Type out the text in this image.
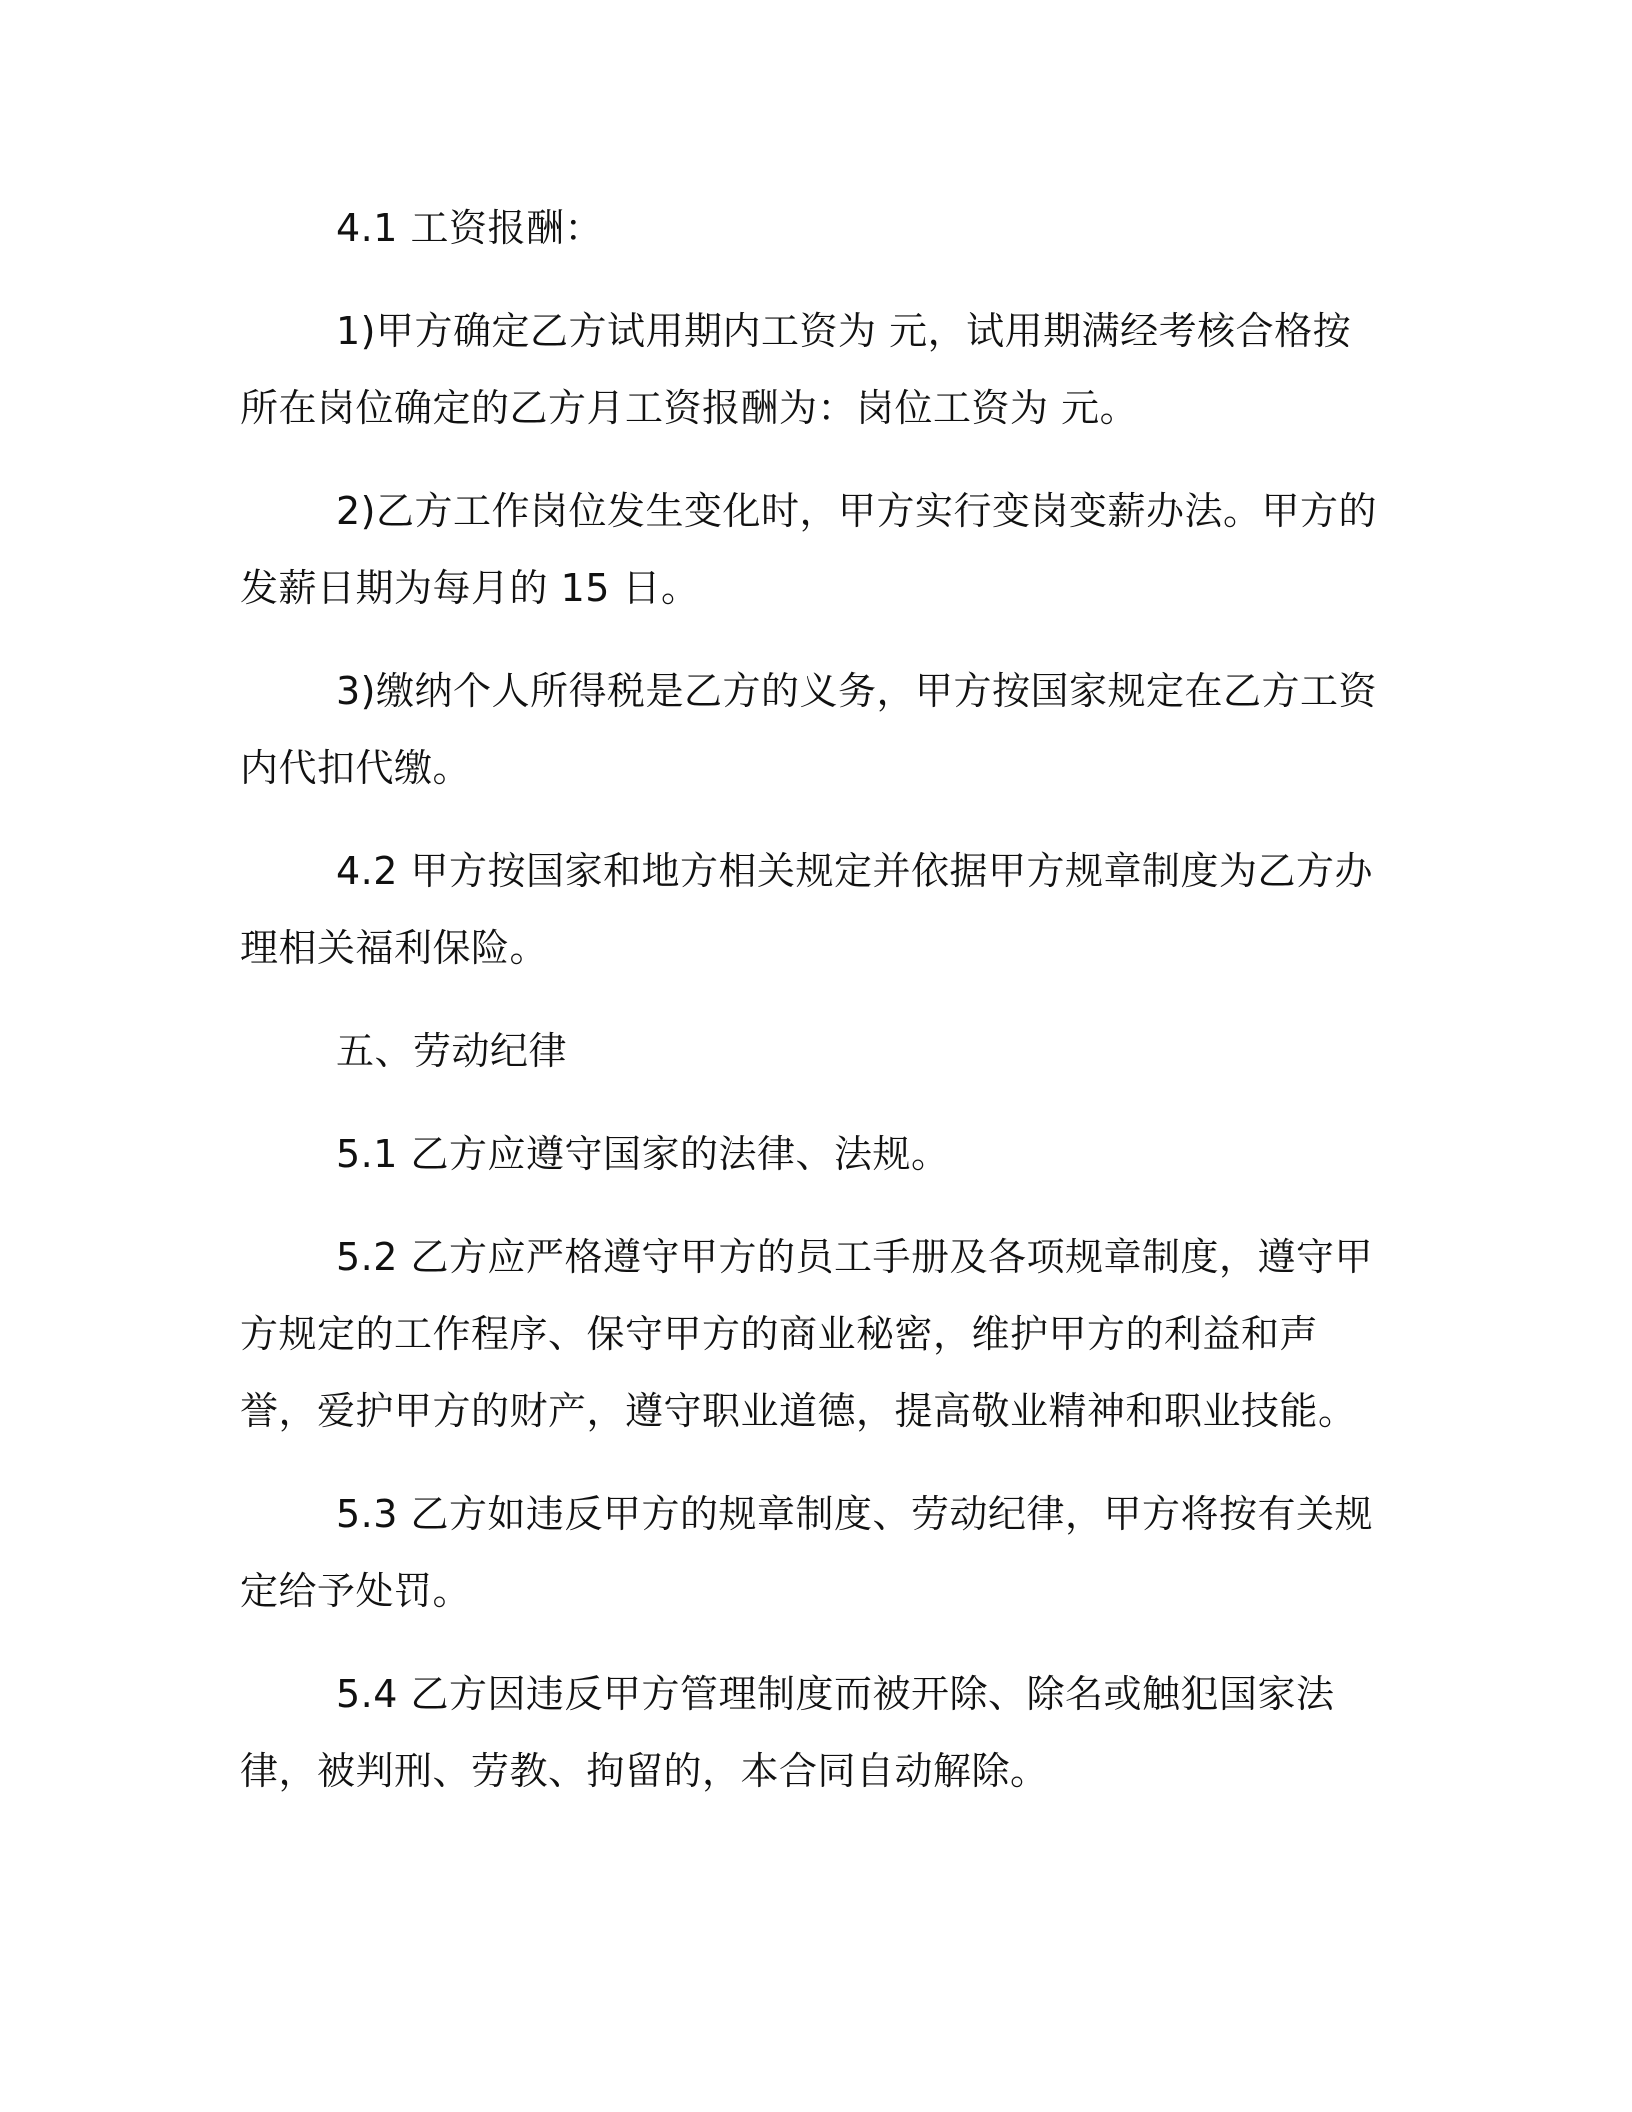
4.1 工资报酬：

1)甲方确定乙方试用期内工资为 元，试用期满经考核合格按所在岗位确定的乙方月工资报酬为：岗位工资为 元。

2)乙方工作岗位发生变化时，甲方实行变岗变薪办法。甲方的发薪日期为每月的 15 日。

3)缴纳个人所得税是乙方的义务，甲方按国家规定在乙方工资内代扣代缴。

4.2 甲方按国家和地方相关规定并依据甲方规章制度为乙方办理相关福利保险。

五、劳动纪律

5.1 乙方应遵守国家的法律、法规。

5.2 乙方应严格遵守甲方的员工手册及各项规章制度，遵守甲方规定的工作程序、保守甲方的商业秘密，维护甲方的利益和声誉，爱护甲方的财产，遵守职业道德，提高敬业精神和职业技能。

5.3 乙方如违反甲方的规章制度、劳动纪律，甲方将按有关规定给予处罚。

5.4 乙方因违反甲方管理制度而被开除、除名或触犯国家法律，被判刑、劳教、拘留的，本合同自动解除。
